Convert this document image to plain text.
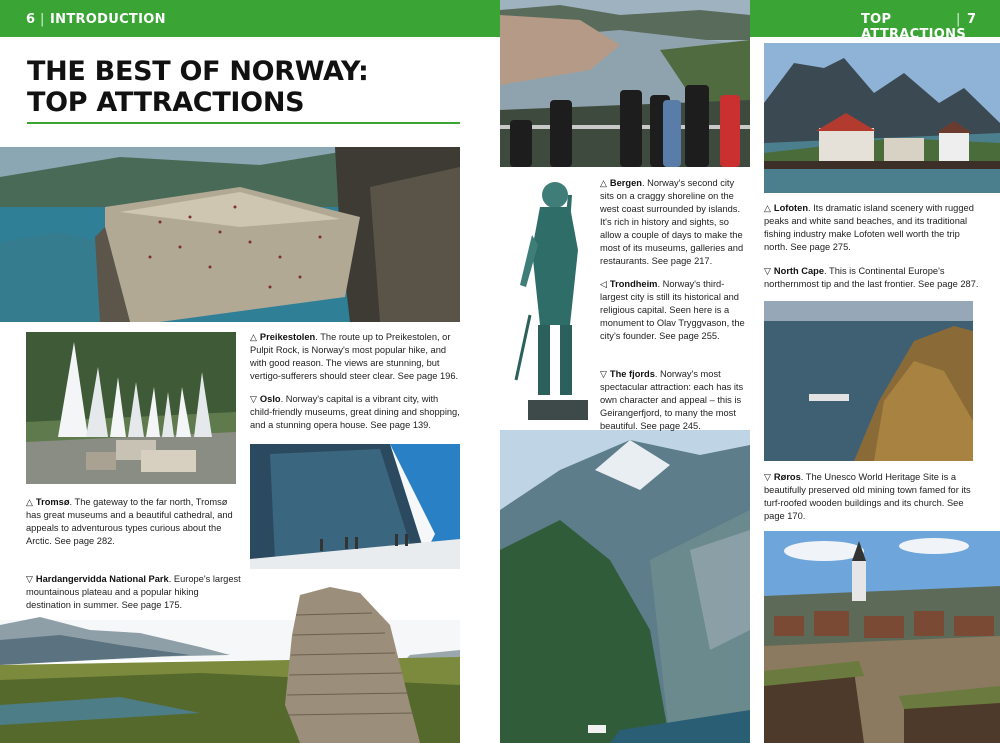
6 | INTRODUCTION	TOP ATTRACTIONS
| 7
THE BEST OF NORWAY:
TOP ATTRACTIONS
△ Preikestolen. The route up to Preikestolen, or Pulpit Rock, is Norway's most popular hike, and with good reason. The views are stunning, but vertigo-sufferers should steer clear. See page 196.
▽ Oslo. Norway's capital is a vibrant city, with child-friendly museums, great dining and shopping, and a stunning opera house. See page 139.
△ Tromsø. The gateway to the far north, Tromsø has great museums and a beautiful cathedral, and appeals to adventurous types curious about the Arctic. See page 282.
▽ Hardangervidda National Park. Europe's largest mountainous plateau and a popular hiking destination in summer. See page 175.
△ Bergen. Norway's second city sits on a craggy shoreline on the west coast surrounded by islands. It's rich in history and sights, so allow a couple of days to make the most of its museums, galleries and restaurants. See page 217.
◁ Trondheim. Norway's third-largest city is still its historical and religious capital. Seen here is a monument to Olav Tryggvason, the city's founder. See page 255.
▽ The fjords. Norway's most spectacular attraction: each has its own character and appeal – this is Geirangerfjord, to many the most beautiful. See page 245.
△ Lofoten. Its dramatic island scenery with rugged peaks and white sand beaches, and its traditional fishing industry make Lofoten well worth the trip north. See page 275.
▽ North Cape. This is Continental Europe's northernmost tip and the last frontier. See page 287.
▽ Røros. The Unesco World Heritage Site is a beautifully preserved old mining town famed for its turf-roofed wooden buildings and its church. See page 170.
